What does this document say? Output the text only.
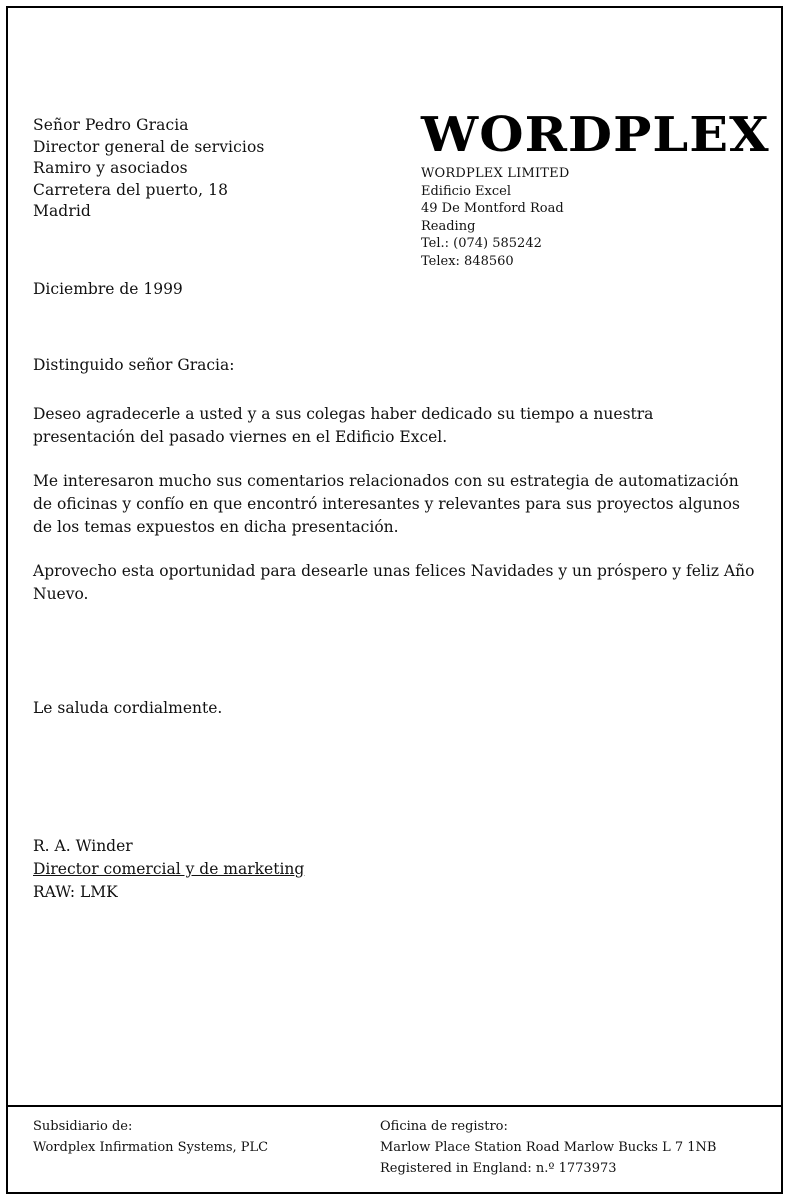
Señor Pedro Gracia
Director general de servicios
Ramiro y asociados
Carretera del puerto, 18
Madrid
WORDPLEX
WORDPLEX LIMITED
Edificio Excel
49 De Montford Road
Reading
Tel.: (074) 585242
Telex: 848560
Diciembre de 1999
Distinguido señor Gracia:

Deseo agradecerle a usted y a sus colegas haber dedicado su tiempo a nuestra presentación del pasado viernes en el Edificio Excel.

Me interesaron mucho sus comentarios relacionados con su estrategia de automatización de oficinas y confío en que encontró interesantes y relevantes para sus proyectos algunos de los temas expuestos en dicha presentación.

Aprovecho esta oportunidad para desearle unas felices Navidades y un próspero y feliz Año Nuevo.

Le saluda cordialmente.
R. A. Winder
Director comercial y de marketing
RAW: LMK
Subsidiario de:
Wordplex Infirmation Systems, PLC
Oficina de registro:
Marlow Place Station Road Marlow Bucks L 7 1NB
Registered in England: n.º 1773973
